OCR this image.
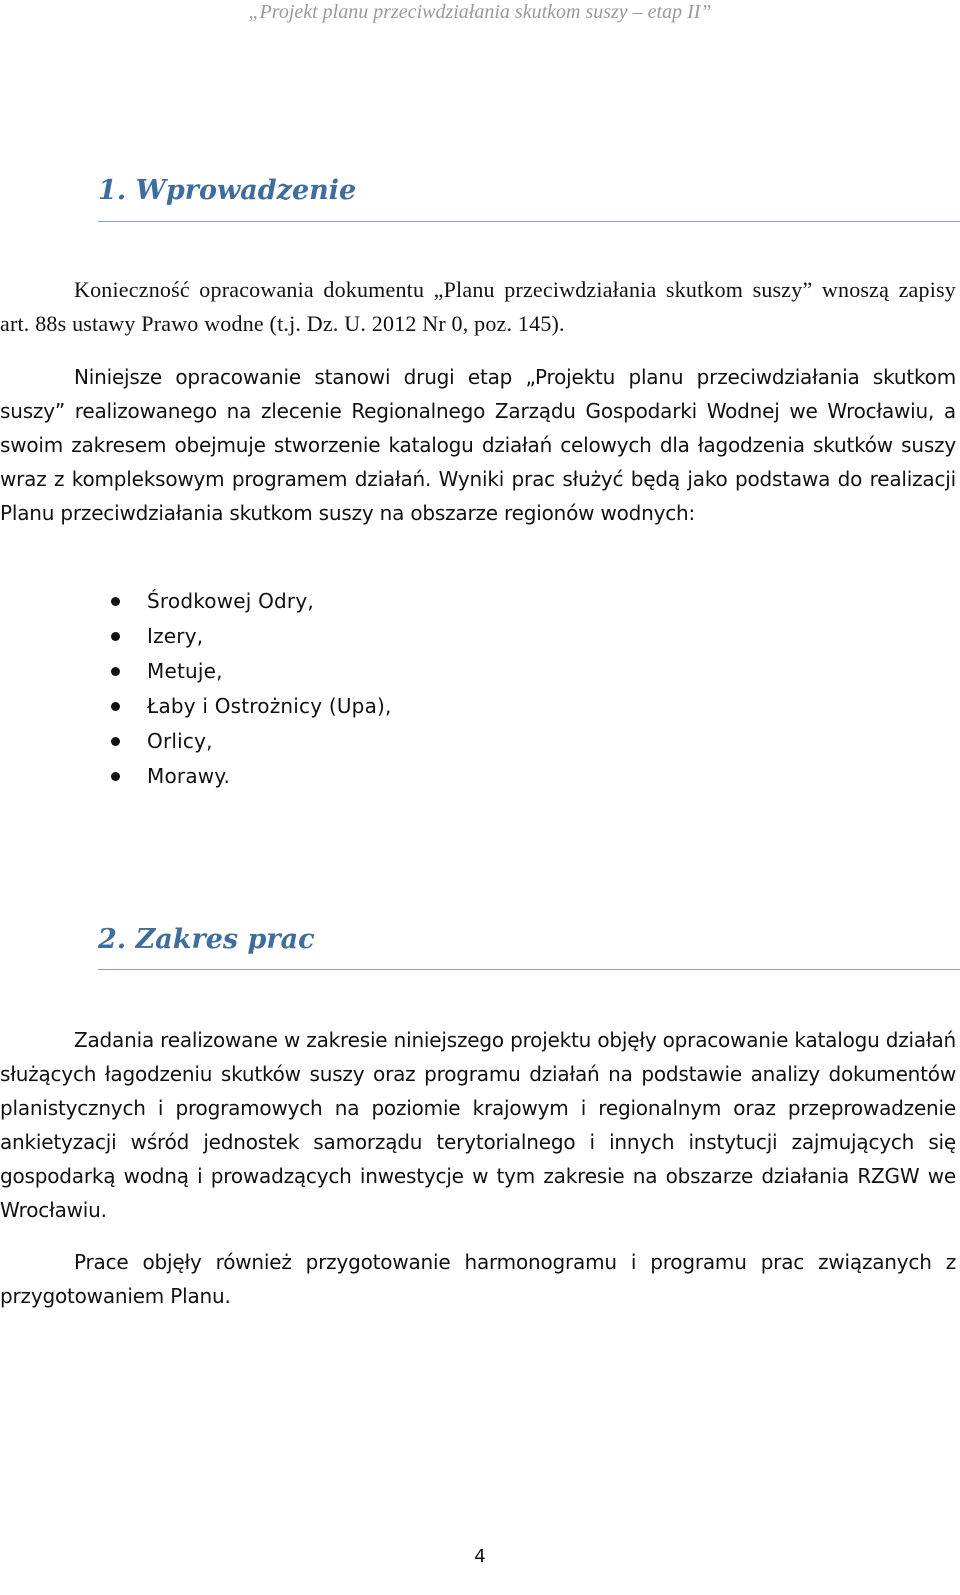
„Projekt planu przeciwdziałania skutkom suszy – etap II”
1. Wprowadzenie

Konieczność opracowania dokumentu „Planu przeciwdziałania skutkom suszy” wnoszą zapisy art. 88s ustawy Prawo wodne (t.j. Dz. U. 2012 Nr 0, poz. 145).

Niniejsze opracowanie stanowi drugi etap „Projektu planu przeciwdziałania skutkom suszy” realizowanego na zlecenie Regionalnego Zarządu Gospodarki Wodnej we Wrocławiu, a swoim zakresem obejmuje stworzenie katalogu działań celowych dla łagodzenia skutków suszy wraz z kompleksowym programem działań. Wyniki prac służyć będą jako podstawa do realizacji Planu przeciwdziałania skutkom suszy na obszarze regionów wodnych:

Środkowej Odry,
Izery,
Metuje,
Łaby i Ostrożnicy (Upa),
Orlicy,
Morawy.
2. Zakres prac

Zadania realizowane w zakresie niniejszego projektu objęły opracowanie katalogu działań służących łagodzeniu skutków suszy oraz programu działań na podstawie analizy dokumentów planistycznych i programowych na poziomie krajowym i regionalnym oraz przeprowadzenie ankietyzacji wśród jednostek samorządu terytorialnego i innych instytucji zajmujących się gospodarką wodną i prowadzących inwestycje w tym zakresie na obszarze działania RZGW we Wrocławiu.

Prace objęły również przygotowanie harmonogramu i programu prac związanych z przygotowaniem Planu.

4
